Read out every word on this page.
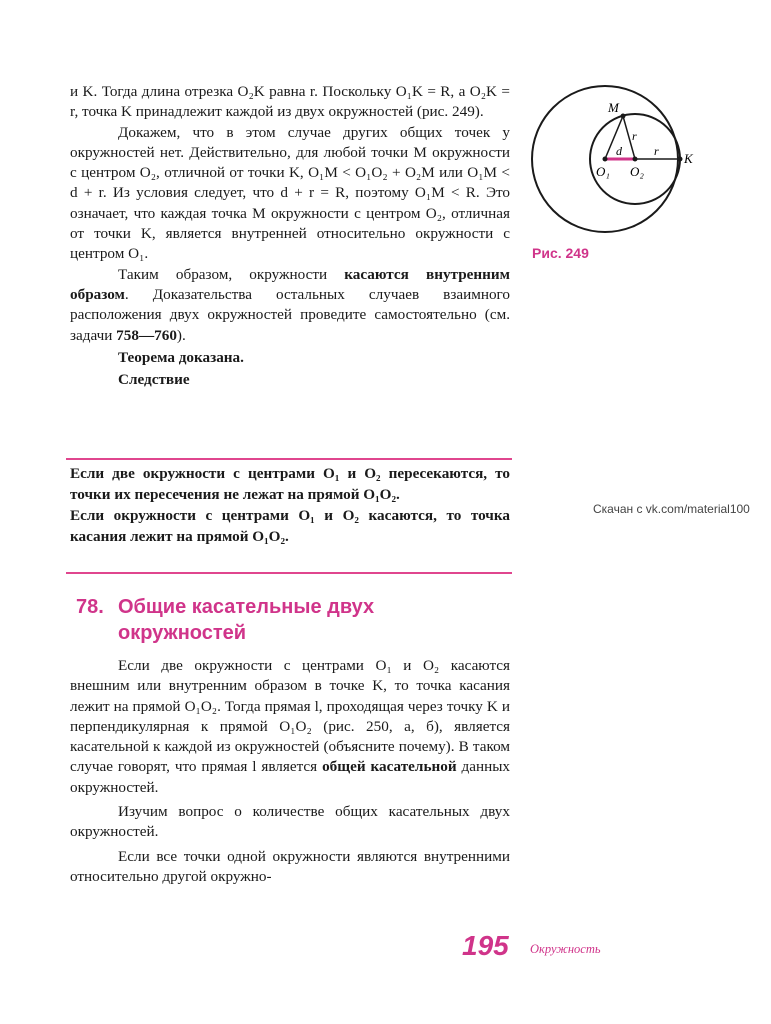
и K. Тогда длина отрезка O₂K равна r. Поскольку O₁K = R, а O₂K = r, точка K принадлежит каждой из двух окружностей (рис. 249).

Докажем, что в этом случае других общих точек у окружностей нет. Действительно, для любой точки M окружности с центром O₂, отличной от точки K, O₁M < O₁O₂ + O₂M или O₁M < d + r. Из условия следует, что d + r = R, поэтому O₁M < R. Это означает, что каждая точка M окружности с центром O₂, отличная от точки K, является внутренней относительно окружности с центром O₁.

Таким образом, окружности касаются внутренним образом. Доказательства остальных случаев взаимного расположения двух окружностей проведите самостоятельно (см. задачи 758—760).

Теорема доказана.

Следствие

Если две окружности с центрами O₁ и O₂ пересекаются, то точки их пересечения не лежат на прямой O₁O₂.

Если окружности с центрами O₁ и O₂ касаются, то точка касания лежит на прямой O₁O₂.

78. Общие касательные двух окружностей

Если две окружности с центрами O₁ и O₂ касаются внешним или внутренним образом в точке K, то точка касания лежит на прямой O₁O₂. Тогда прямая l, проходящая через точку K и перпендикулярная к прямой O₁O₂ (рис. 250, а, б), является касательной к каждой из окружностей (объясните почему). В таком случае говорят, что прямая l является общей касательной данных окружностей.

Изучим вопрос о количестве общих касательных двух окружностей.

Если все точки одной окружности являются внутренними относительно другой окружно-

M
K
O₁ O₂
d
r
r
Рис. 249
Скачан с vk.com/material100
195 Окружность
